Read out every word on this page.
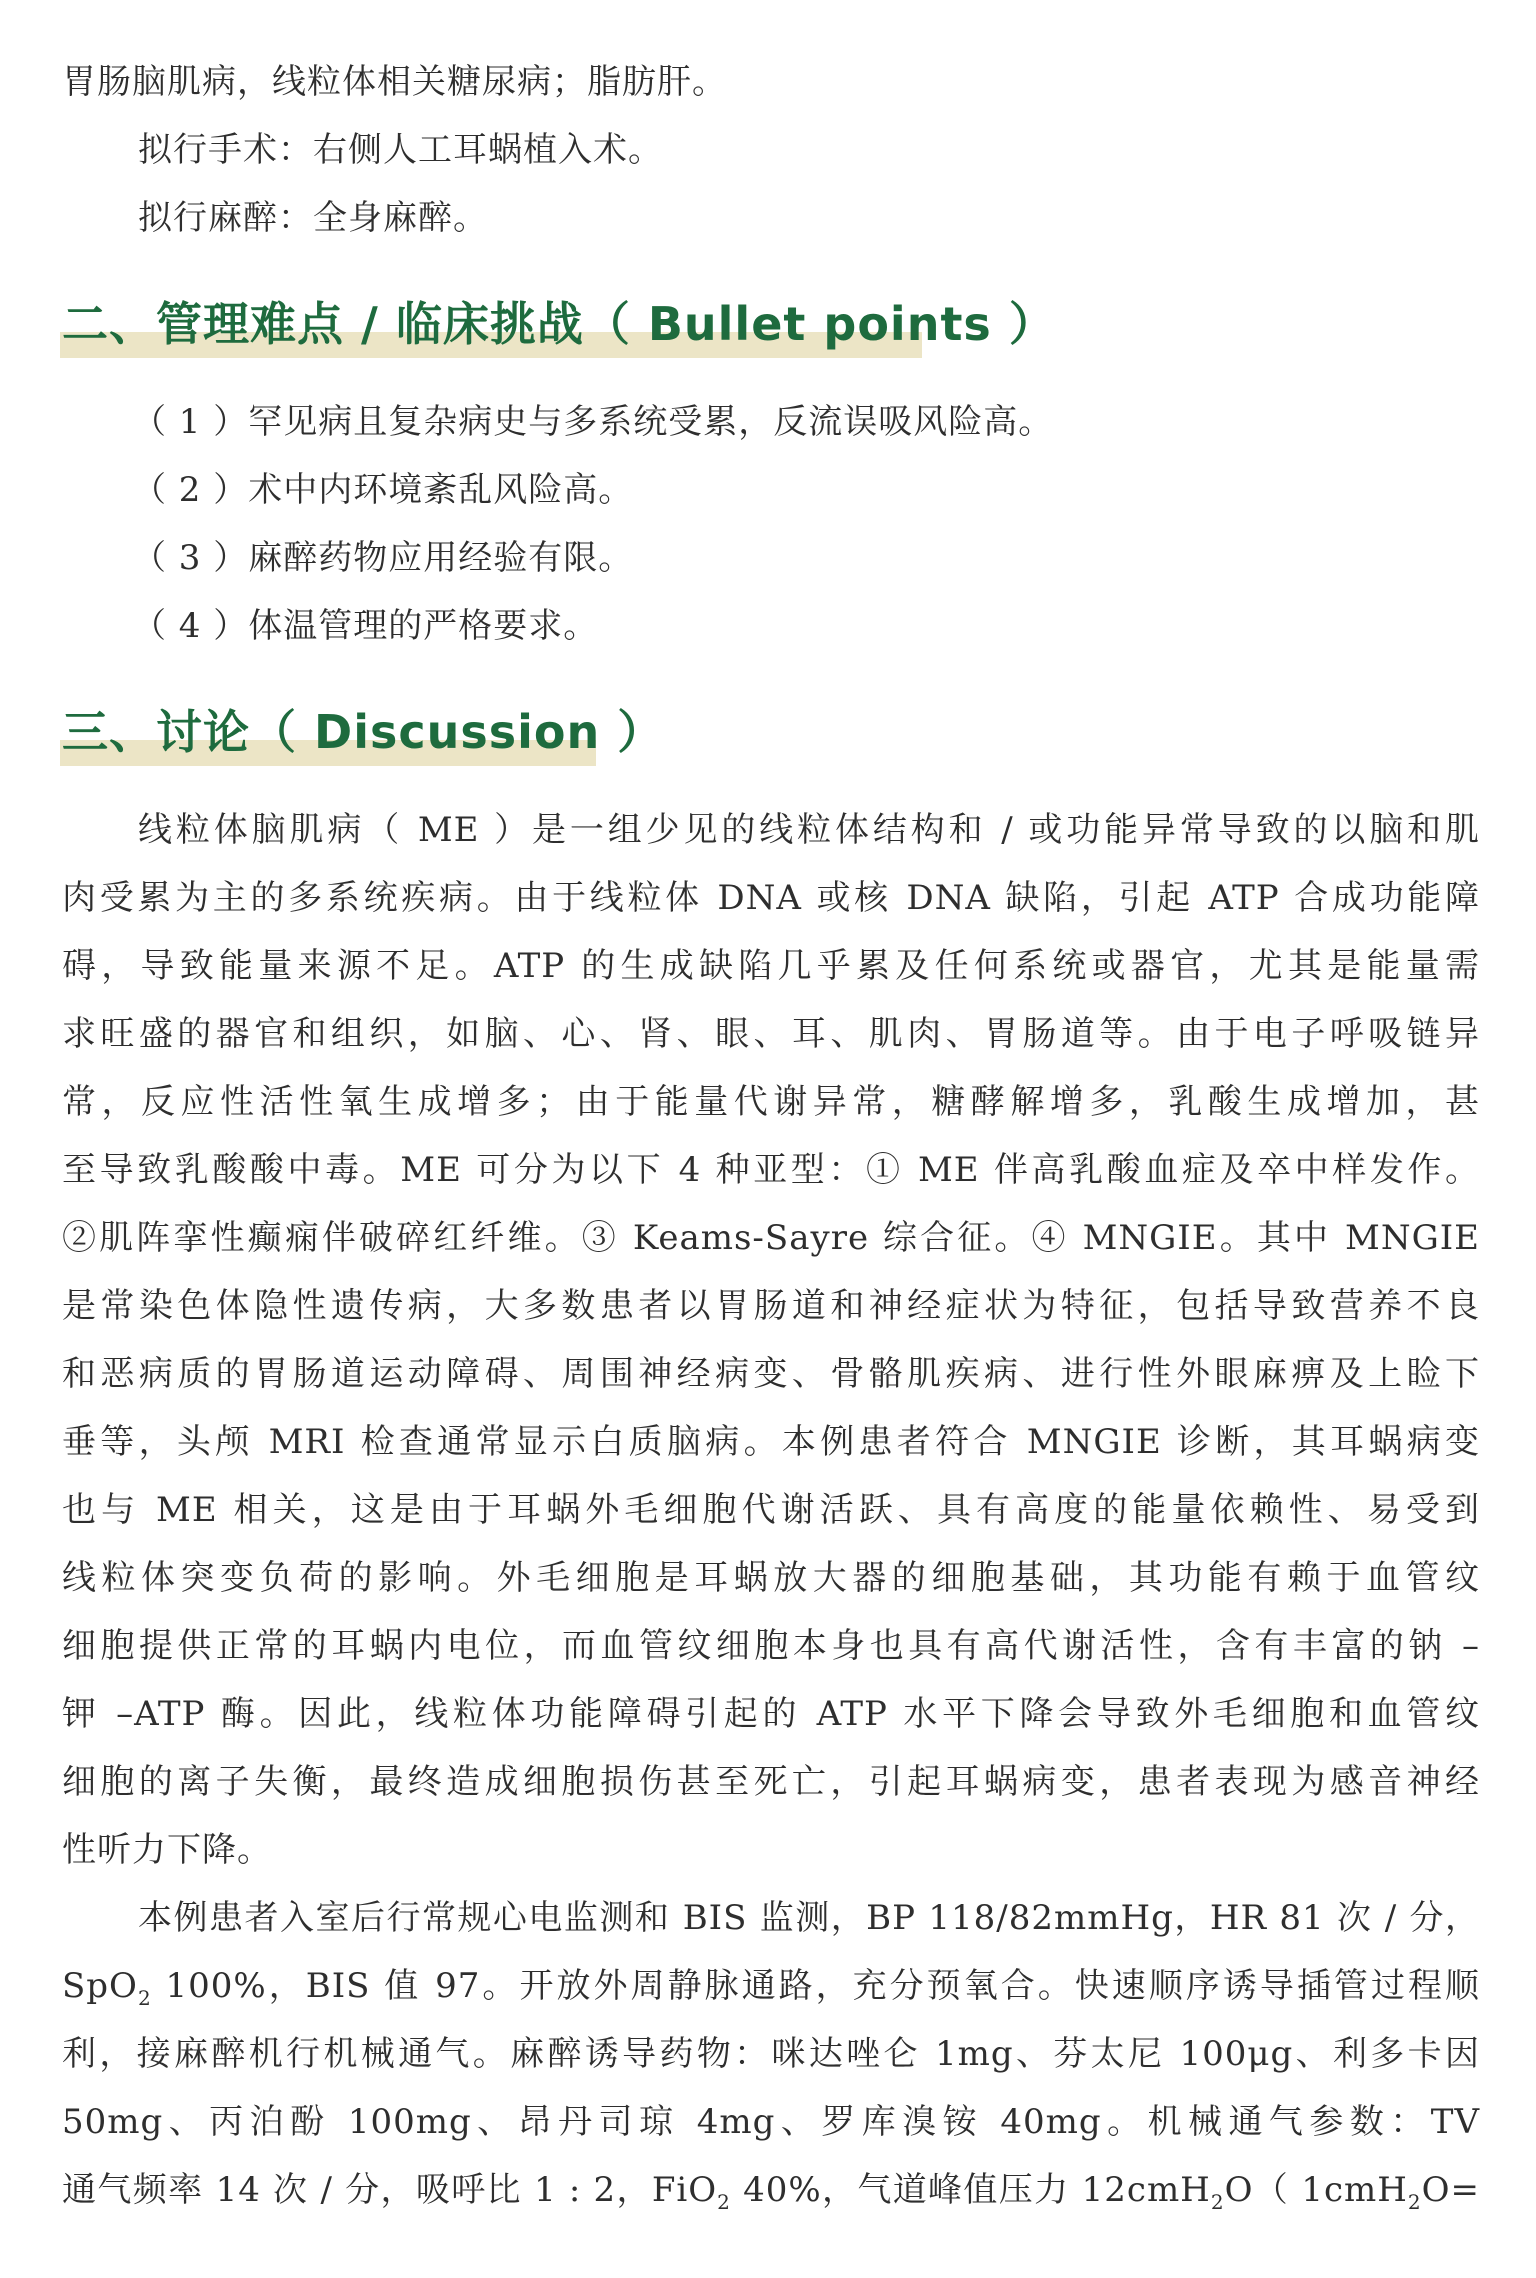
胃肠脑肌病，线粒体相关糖尿病；脂肪肝。
拟行手术：右侧人工耳蜗植入术。
拟行麻醉：全身麻醉。
二、管理难点 / 临床挑战（ Bullet points ）
（ 1 ）罕见病且复杂病史与多系统受累，反流误吸风险高。
（ 2 ）术中内环境紊乱风险高。
（ 3 ）麻醉药物应用经验有限。
（ 4 ）体温管理的严格要求。
三、讨论（ Discussion ）
线粒体脑肌病（ ME ）是一组少见的线粒体结构和 / 或功能异常导致的以脑和肌
肉受累为主的多系统疾病。由于线粒体 DNA 或核 DNA 缺陷，引起 ATP 合成功能障
碍，导致能量来源不足。ATP 的生成缺陷几乎累及任何系统或器官，尤其是能量需
求旺盛的器官和组织，如脑、心、肾、眼、耳、肌肉、胃肠道等。由于电子呼吸链异
常，反应性活性氧生成增多；由于能量代谢异常，糖酵解增多，乳酸生成增加，甚
至导致乳酸酸中毒。ME 可分为以下 4 种亚型：① ME 伴高乳酸血症及卒中样发作。
②肌阵挛性癫痫伴破碎红纤维。③ Keams-Sayre 综合征。④ MNGIE。其中 MNGIE
是常染色体隐性遗传病，大多数患者以胃肠道和神经症状为特征，包括导致营养不良
和恶病质的胃肠道运动障碍、周围神经病变、骨骼肌疾病、进行性外眼麻痹及上睑下
垂等，头颅 MRI 检查通常显示白质脑病。本例患者符合 MNGIE 诊断，其耳蜗病变
也与 ME 相关，这是由于耳蜗外毛细胞代谢活跃、具有高度的能量依赖性、易受到
线粒体突变负荷的影响。外毛细胞是耳蜗放大器的细胞基础，其功能有赖于血管纹
细胞提供正常的耳蜗内电位，而血管纹细胞本身也具有高代谢活性，含有丰富的钠 –
钾 –ATP 酶。因此，线粒体功能障碍引起的 ATP 水平下降会导致外毛细胞和血管纹
细胞的离子失衡，最终造成细胞损伤甚至死亡，引起耳蜗病变，患者表现为感音神经
性听力下降。
本例患者入室后行常规心电监测和 BIS 监测，BP 118/82mmHg，HR 81 次 / 分，
SpO$_2$ 100%，BIS 值 97。开放外周静脉通路，充分预氧合。快速顺序诱导插管过程顺
利，接麻醉机行机械通气。麻醉诱导药物：咪达唑仑 1mg、芬太尼 100μg、利多卡因
50mg、丙泊酚 100mg、昂丹司琼 4mg、罗库溴铵 40mg。机械通气参数：TV
通气频率 14 次 / 分，吸呼比 1 : 2，FiO$_2$ 40%，气道峰值压力 12cmH$_2$O（ 1cmH$_2$O=
